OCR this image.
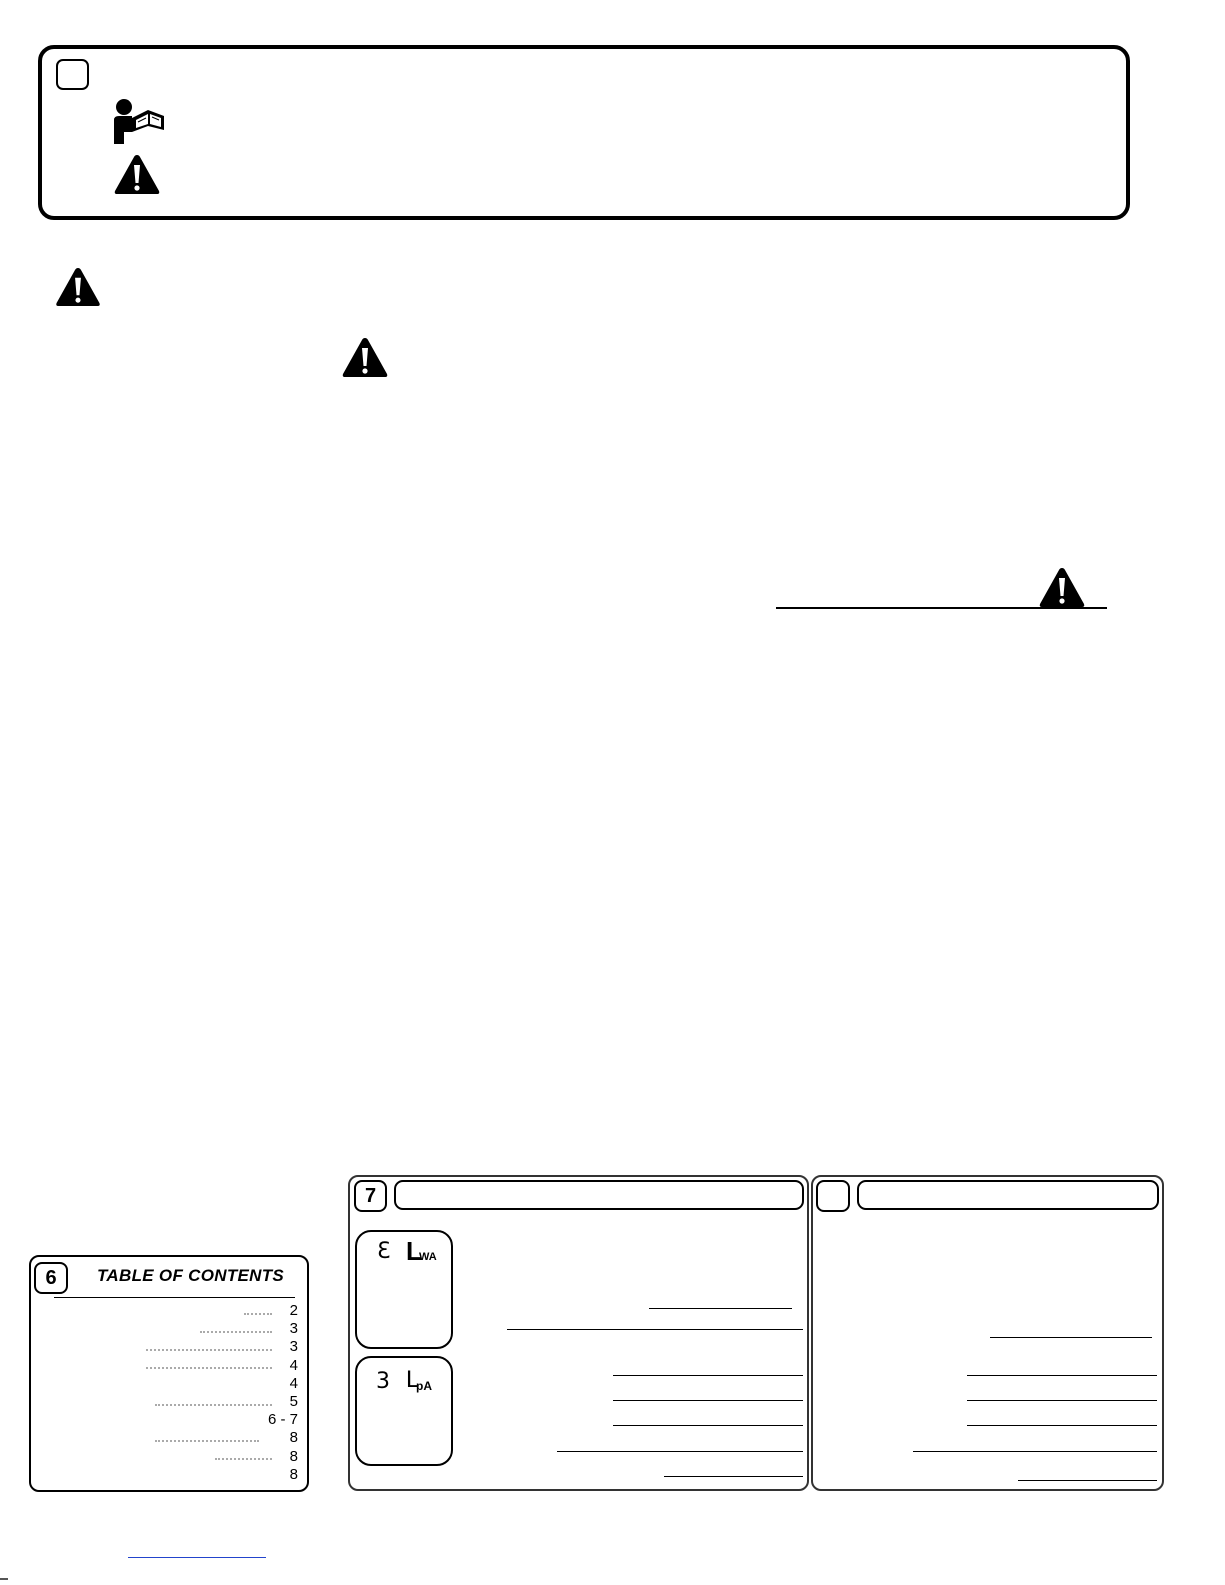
6	TABLE OF CONTENTS
2
3
3
4
4
5
6 - 7
8
8
8
7
Ɛ L
WA
3 L
pA
